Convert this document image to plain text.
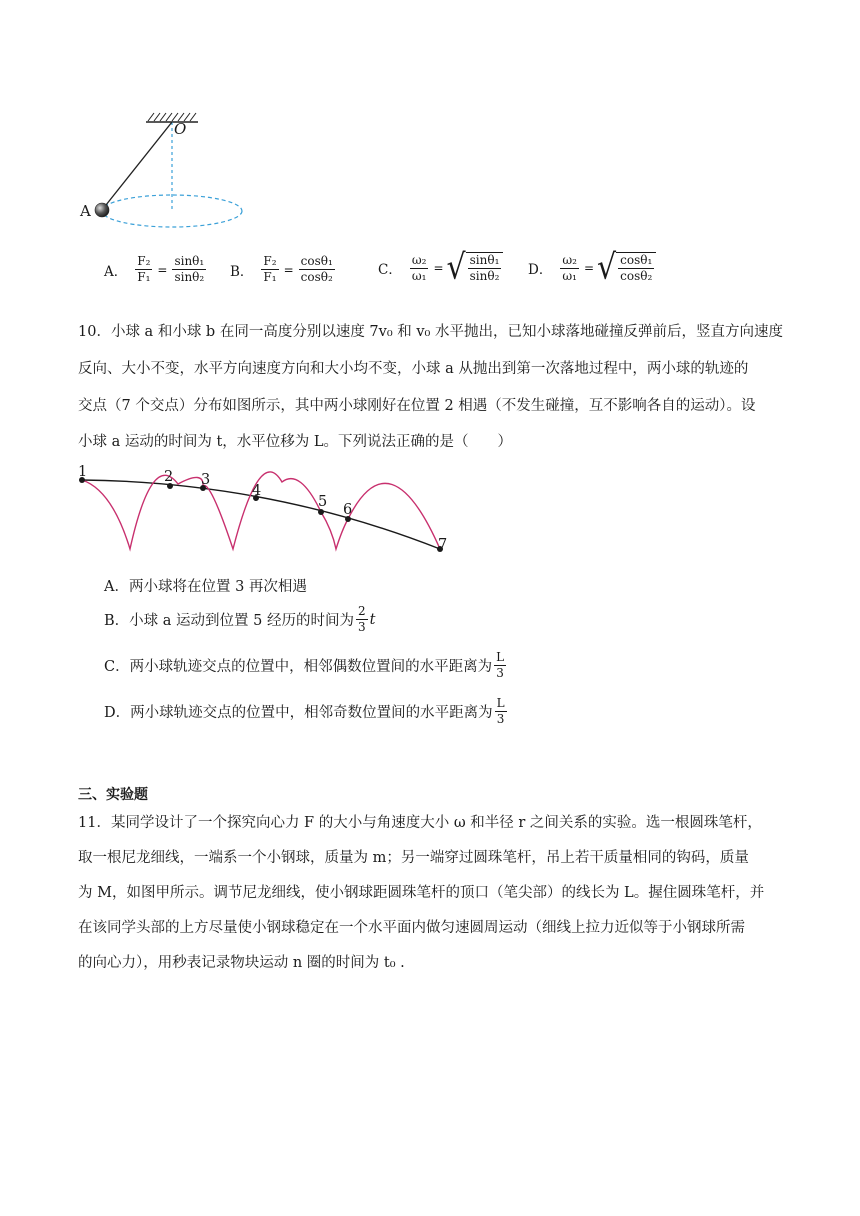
O
A
A． $\frac{\text{F₂}}{\text{F₁}} = \frac{\text{sinθ₁}}{\text{sinθ₂}}$ B． $\frac{\text{F₂}}{\text{F₁}} = \frac{\text{cosθ₁}}{\text{cosθ₂}}$	C． $\frac{\text{ω₂}}{\text{ω₁}}$ = √ $\frac{\text{sinθ₁}}{\text{sinθ₂}}$ D． $\frac{\text{ω₂}}{\text{ω₁}}$ = √ $\frac{\text{cosθ₁}}{\text{cosθ₂}}$
10．小球 a 和小球 b 在同一高度分别以速度 7v₀ 和 v₀ 水平抛出，已知小球落地碰撞反弹前后，竖直方向速度
反向、大小不变，水平方向速度方向和大小均不变，小球 a 从抛出到第一次落地过程中，两小球的轨迹的
交点（7 个交点）分布如图所示，其中两小球刚好在位置 2 相遇（不发生碰撞，互不影响各自的运动）。设
小球 a 运动的时间为 t，水平位移为 L。下列说法正确的是（　　）
1	2 3
4
5 6
7
A．两小球将在位置 3 再次相遇
B．小球 a 运动到位置 5 经历的时间为 $\frac{2}{3}$ t
C．两小球轨迹交点的位置中，相邻偶数位置间的水平距离为 $\frac{L}{3}$
D．两小球轨迹交点的位置中，相邻奇数位置间的水平距离为 $\frac{L}{3}$
三、实验题
11．某同学设计了一个探究向心力 F 的大小与角速度大小 ω 和半径 r 之间关系的实验。选一根圆珠笔杆，
取一根尼龙细线，一端系一个小钢球，质量为 m；另一端穿过圆珠笔杆，吊上若干质量相同的钩码，质量
为 M，如图甲所示。调节尼龙细线，使小钢球距圆珠笔杆的顶口（笔尖部）的线长为 L。握住圆珠笔杆，并
在该同学头部的上方尽量使小钢球稳定在一个水平面内做匀速圆周运动（细线上拉力近似等于小钢球所需
的向心力），用秒表记录物块运动 n 圈的时间为 t₀ .
